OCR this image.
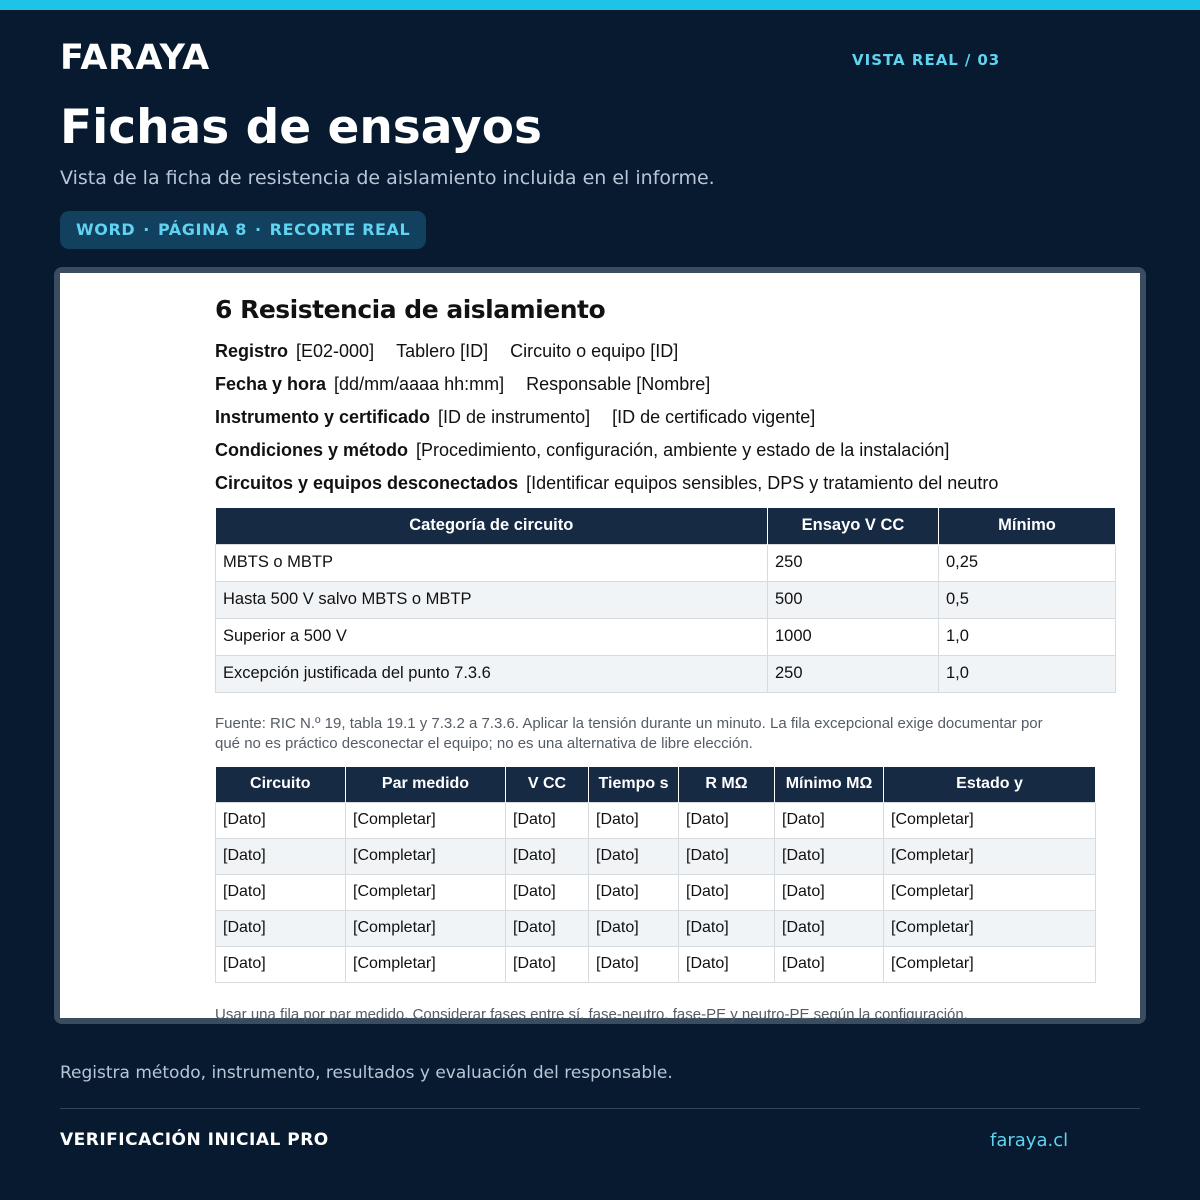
FARAYA	VISTA REAL / 03
Fichas de ensayos

Vista de la ficha de resistencia de aislamiento incluida en el informe.

WORD · PÁGINA 8 · RECORTE REAL
6 Resistencia de aislamiento
Registro [E02-000] Tablero [ID] Circuito o equipo [ID]
Fecha y hora [dd/mm/aaaa hh:mm] Responsable [Nombre]
Instrumento y certificado [ID de instrumento] [ID de certificado vigente]
Condiciones y método [Procedimiento, configuración, ambiente y estado de la instalación]
Circuitos y equipos desconectados [Identificar equipos sensibles, DPS y tratamiento del neutro
Categoría de circuito	Ensayo V CC	Mínimo
MBTS o MBTP	250	0,25
Hasta 500 V salvo MBTS o MBTP	500	0,5
Superior a 500 V	1000	1,0
Excepción justificada del punto 7.3.6	250	1,0

Fuente: RIC N.º 19, tabla 19.1 y 7.3.2 a 7.3.6. Aplicar la tensión durante un minuto. La fila excepcional exige documentar por qué no es práctico desconectar el equipo; no es una alternativa de libre elección.

Circuito	Par medido	V CC	Tiempo s	R MΩ	Mínimo MΩ	Estado y
[Dato]	[Completar]	[Dato]	[Dato]	[Dato]	[Dato]	[Completar]
[Dato]	[Completar]	[Dato]	[Dato]	[Dato]	[Dato]	[Completar]
[Dato]	[Completar]	[Dato]	[Dato]	[Dato]	[Dato]	[Completar]
[Dato]	[Completar]	[Dato]	[Dato]	[Dato]	[Dato]	[Completar]
[Dato]	[Completar]	[Dato]	[Dato]	[Dato]	[Dato]	[Completar]

Usar una fila por par medido. Considerar fases entre sí, fase-neutro, fase-PE y neutro-PE según la configuración.

Registra método, instrumento, resultados y evaluación del responsable.

VERIFICACIÓN INICIAL PRO	faraya.cl
